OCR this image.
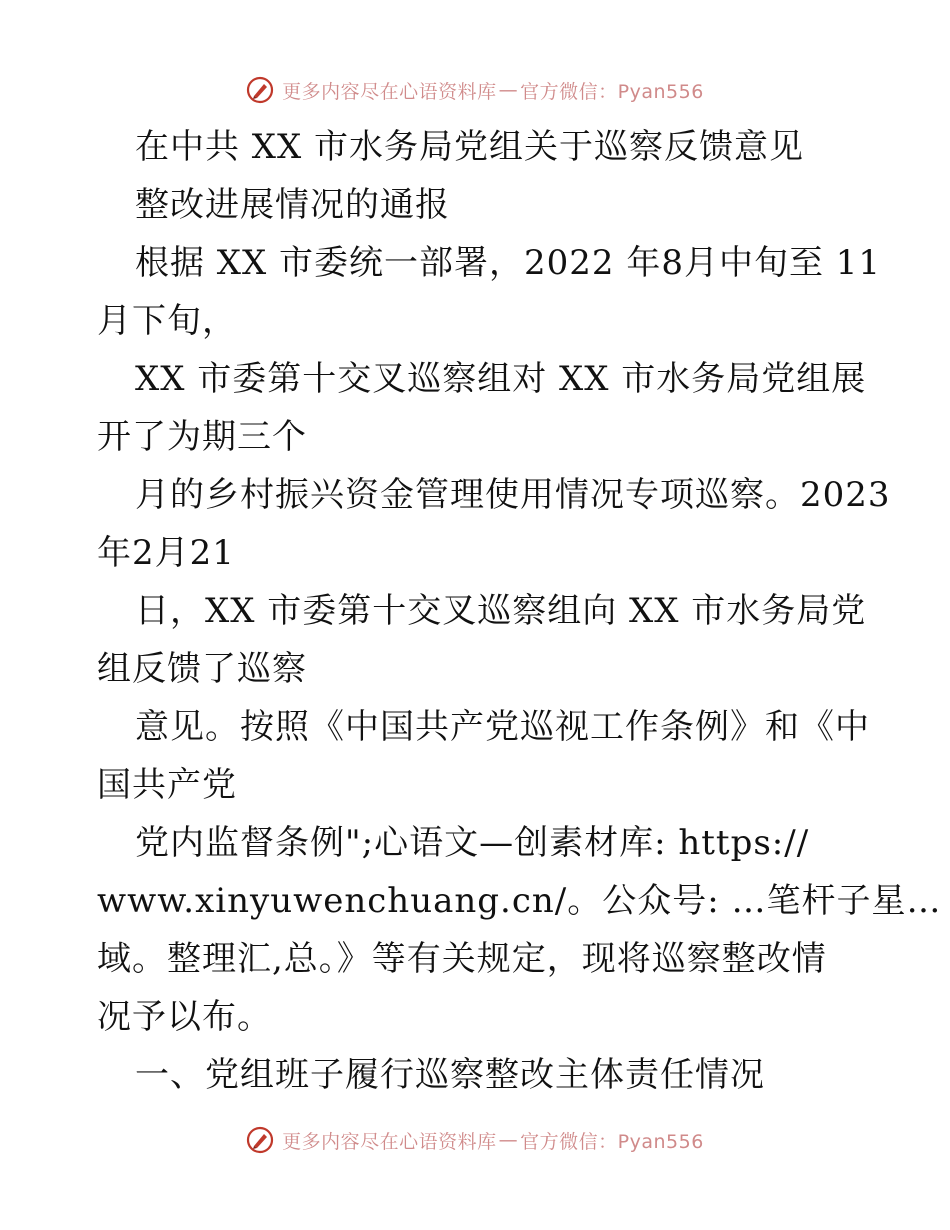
更多内容尽在心语资料库 — 官方微信：Pyan556
在中共 XX 市水务局党组关于巡察反馈意见
整改进展情况的通报
根据 XX 市委统一部署，2022 年8月中旬至 11
月下旬，
XX 市委第十交叉巡察组对 XX 市水务局党组展
开了为期三个
月的乡村振兴资金管理使用情况专项巡察。2023
年2月21
日，XX 市委第十交叉巡察组向 XX 市水务局党
组反馈了巡察
意见。按照《中国共产党巡视工作条例》和《中
国共产党
党内监督条例";心语文—创素材库: https://
www.xinyuwenchuang.cn/。公众号: …笔杆子星…
域。整理汇,总。》等有关规定，现将巡察整改情
况予以布。
一、党组班子履行巡察整改主体责任情况
更多内容尽在心语资料库 — 官方微信：Pyan556
